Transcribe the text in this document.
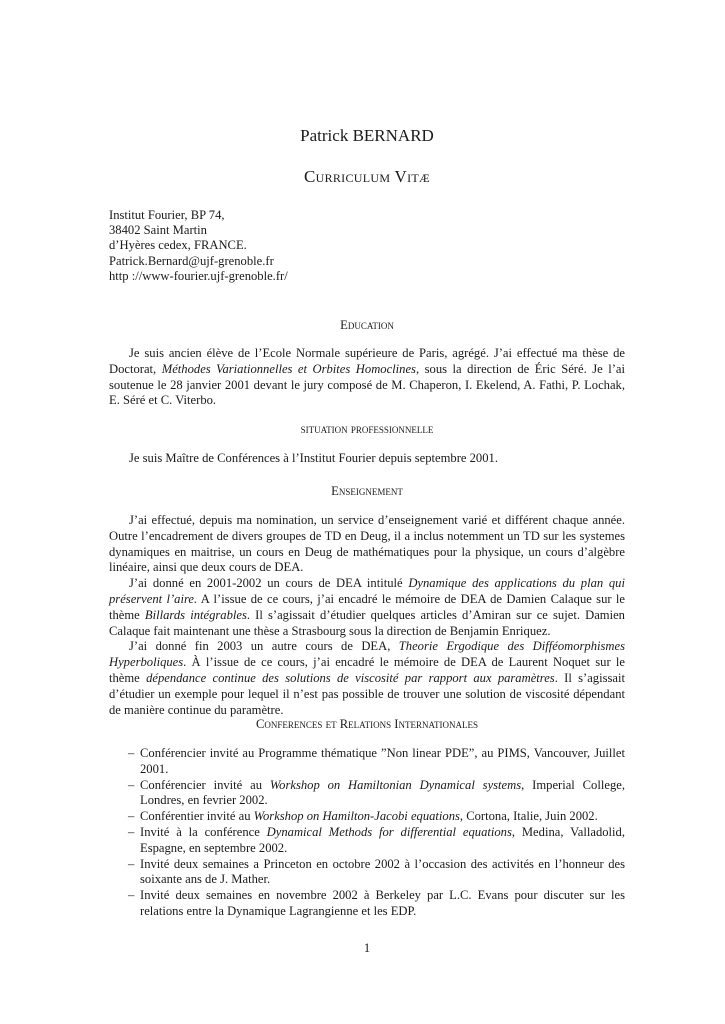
Patrick BERNARD
Curriculum Vitæ
Institut Fourier, BP 74,
38402 Saint Martin
d’Hyères cedex, FRANCE.
Patrick.Bernard@ujf-grenoble.fr
http ://www-fourier.ujf-grenoble.fr/
Education

Je suis ancien élève de l’Ecole Normale supérieure de Paris, agrégé. J’ai effectué ma thèse de Doctorat, Méthodes Variationnelles et Orbites Homoclines, sous la direction de Éric Séré. Je l’ai soutenue le 28 janvier 2001 devant le jury composé de M. Chaperon, I. Ekelend, A. Fathi, P. Lochak, E. Séré et C. Viterbo.

situation professionnelle

Je suis Maître de Conférences à l’Institut Fourier depuis septembre 2001.

Enseignement

J’ai effectué, depuis ma nomination, un service d’enseignement varié et différent chaque année. Outre l’encadrement de divers groupes de TD en Deug, il a inclus notemment un TD sur les systemes dynamiques en maitrise, un cours en Deug de mathématiques pour la physique, un cours d’algèbre linéaire, ainsi que deux cours de DEA.

J’ai donné en 2001-2002 un cours de DEA intitulé Dynamique des applications du plan qui préservent l’aire. A l’issue de ce cours, j’ai encadré le mémoire de DEA de Damien Calaque sur le thème Billards intégrables. Il s’agissait d’étudier quelques articles d’Amiran sur ce sujet. Damien Calaque fait maintenant une thèse a Strasbourg sous la direction de Benjamin Enriquez.

J’ai donné fin 2003 un autre cours de DEA, Theorie Ergodique des Difféomorphismes Hyperboliques. À l’issue de ce cours, j’ai encadré le mémoire de DEA de Laurent Noquet sur le thème dépendance continue des solutions de viscosité par rapport aux paramètres. Il s’agissait d’étudier un exemple pour lequel il n’est pas possible de trouver une solution de viscosité dépendant de manière continue du paramètre.

Conferences et Relations Internationales
– Conférencier invité au Programme thématique ”Non linear PDE”, au PIMS, Vancouver, Juillet 2001.
– Conférencier invité au Workshop on Hamiltonian Dynamical systems, Imperial College, Londres, en fevrier 2002.
– Conférentier invité au Workshop on Hamilton-Jacobi equations, Cortona, Italie, Juin 2002.
– Invité à la conférence Dynamical Methods for differential equations, Medina, Valladolid, Espagne, en septembre 2002.
– Invité deux semaines a Princeton en octobre 2002 à l’occasion des activités en l’honneur des soixante ans de J. Mather.
– Invité deux semaines en novembre 2002 à Berkeley par L.C. Evans pour discuter sur les relations entre la Dynamique Lagrangienne et les EDP.
1
